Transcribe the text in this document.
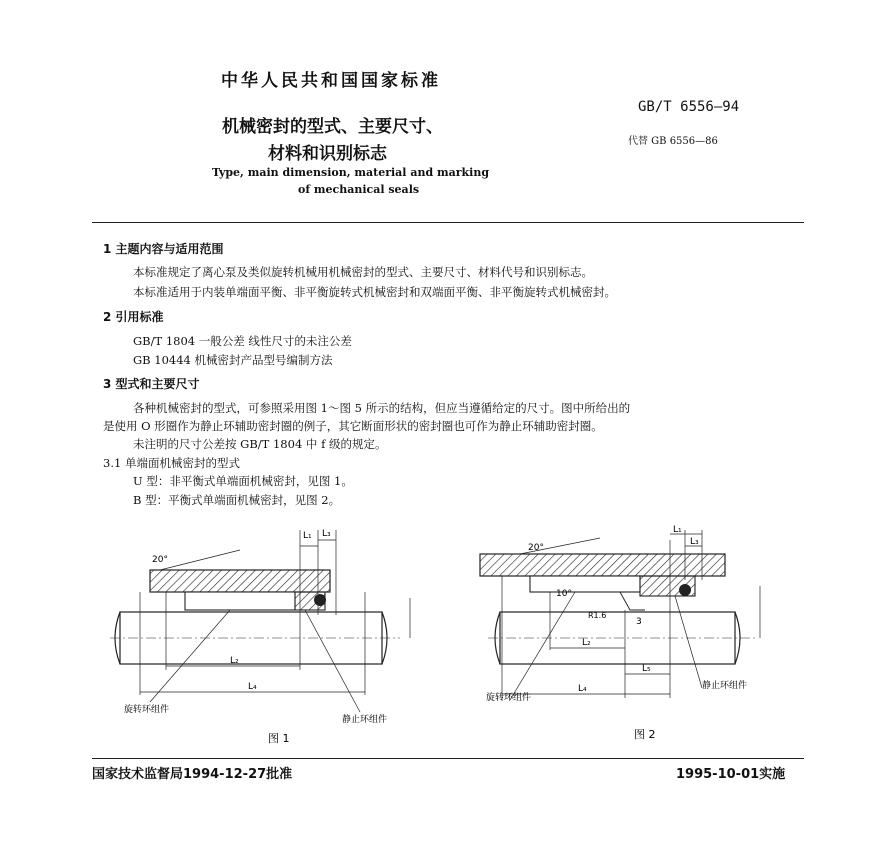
中华人民共和国国家标准
机械密封的型式、主要尺寸、
材料和识别标志
Type, main dimension, material and marking
of mechanical seals
GB/T 6556—94
代替 GB 6556—86
1 主题内容与适用范围
本标准规定了离心泵及类似旋转机械用机械密封的型式、主要尺寸、材料代号和识别标志。
本标准适用于内装单端面平衡、非平衡旋转式机械密封和双端面平衡、非平衡旋转式机械密封。
2 引用标准
GB/T 1804 一般公差 线性尺寸的未注公差
GB 10444 机械密封产品型号编制方法
3 型式和主要尺寸
各种机械密封的型式，可参照采用图 1～图 5 所示的结构，但应当遵循给定的尺寸。图中所给出的
是使用 O 形圈作为静止环辅助密封圈的例子，其它断面形状的密封圈也可作为静止环辅助密封圈。
未注明的尺寸公差按 GB/T 1804 中 f 级的规定。
3.1 单端面机械密封的型式
U 型：非平衡式单端面机械密封，见图 1。
B 型：平衡式单端面机械密封，见图 2。
20°
L₁ L₃
L₂
L₄
旋转环组件
静止环组件
图 1
20°
10°
R1.6
3
L₁
L₃
L₂
L₅
L₄
旋转环组件
静止环组件
图 2
国家技术监督局1994-12-27批准	1995-10-01实施
